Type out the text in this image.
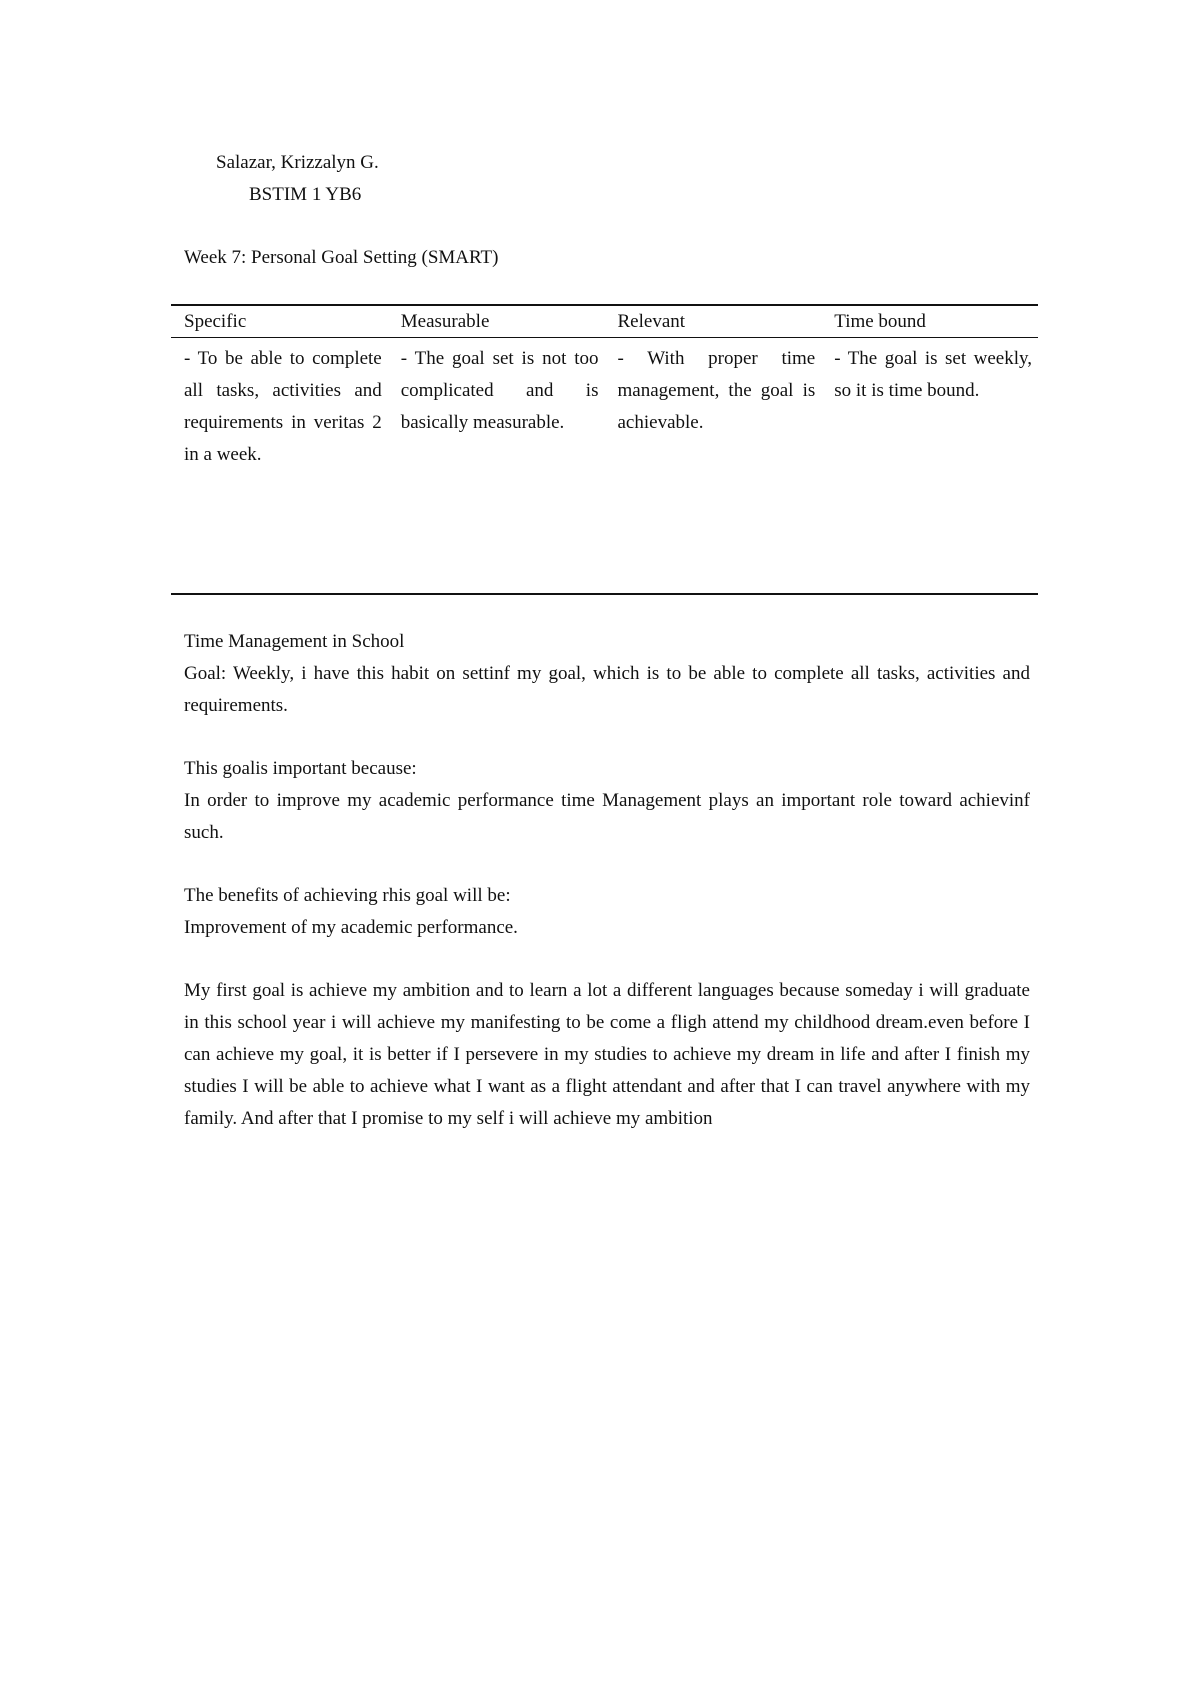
Salazar, Krizzalyn G.
BSTIM 1 YB6
Week 7: Personal Goal Setting (SMART)
Specific	Measurable	Relevant	Time bound
- To be able to complete all tasks, activities and requirements in veritas 2 in a week.	- The goal set is not too complicated and is basically measurable.	- With proper time management, the goal is achievable.	- The goal is set weekly, so it is time bound.

Time Management in School

Goal: Weekly, i have this habit on settinf my goal, which is to be able to complete all tasks, activities and requirements.

This goalis important because:

In order to improve my academic performance time Management plays an important role toward achievinf such.

The benefits of achieving rhis goal will be:

Improvement of my academic performance.

My first goal is achieve my ambition and to learn a lot a different languages because someday i will graduate in this school year i will achieve my manifesting to be come a fligh attend my childhood dream.even before I can achieve my goal, it is better if I persevere in my studies to achieve my dream in life and after I finish my studies I will be able to achieve what I want as a flight attendant and after that I can travel anywhere with my family. And after that I promise to my self i will achieve my ambition
